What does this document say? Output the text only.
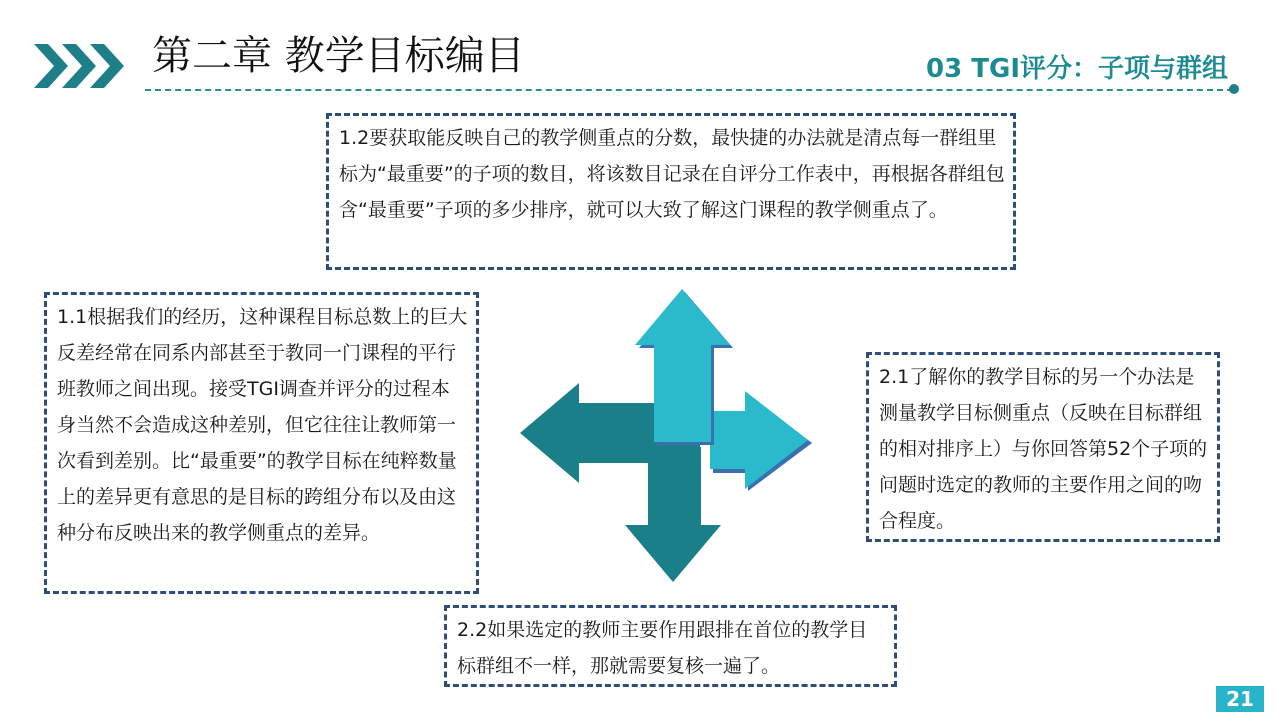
第二章 教学目标编目	03 TGI评分：子项与群组
1.2要获取能反映自己的教学侧重点的分数，最快捷的办法就是清点每一群组里标为“最重要”的子项的数目，将该数目记录在自评分工作表中，再根据各群组包含“最重要”子项的多少排序，就可以大致了解这门课程的教学侧重点了。
1.1根据我们的经历，这种课程目标总数上的巨大反差经常在同系内部甚至于教同一门课程的平行班教师之间出现。接受TGI调查并评分的过程本身当然不会造成这种差别，但它往往让教师第一次看到差别。比“最重要”的教学目标在纯粹数量上的差异更有意思的是目标的跨组分布以及由这种分布反映出来的教学侧重点的差异。
2.1了解你的教学目标的另一个办法是测量教学目标侧重点（反映在目标群组的相对排序上）与你回答第52个子项的问题时选定的教师的主要作用之间的吻合程度。
2.2如果选定的教师主要作用跟排在首位的教学目标群组不一样，那就需要复核一遍了。
21
